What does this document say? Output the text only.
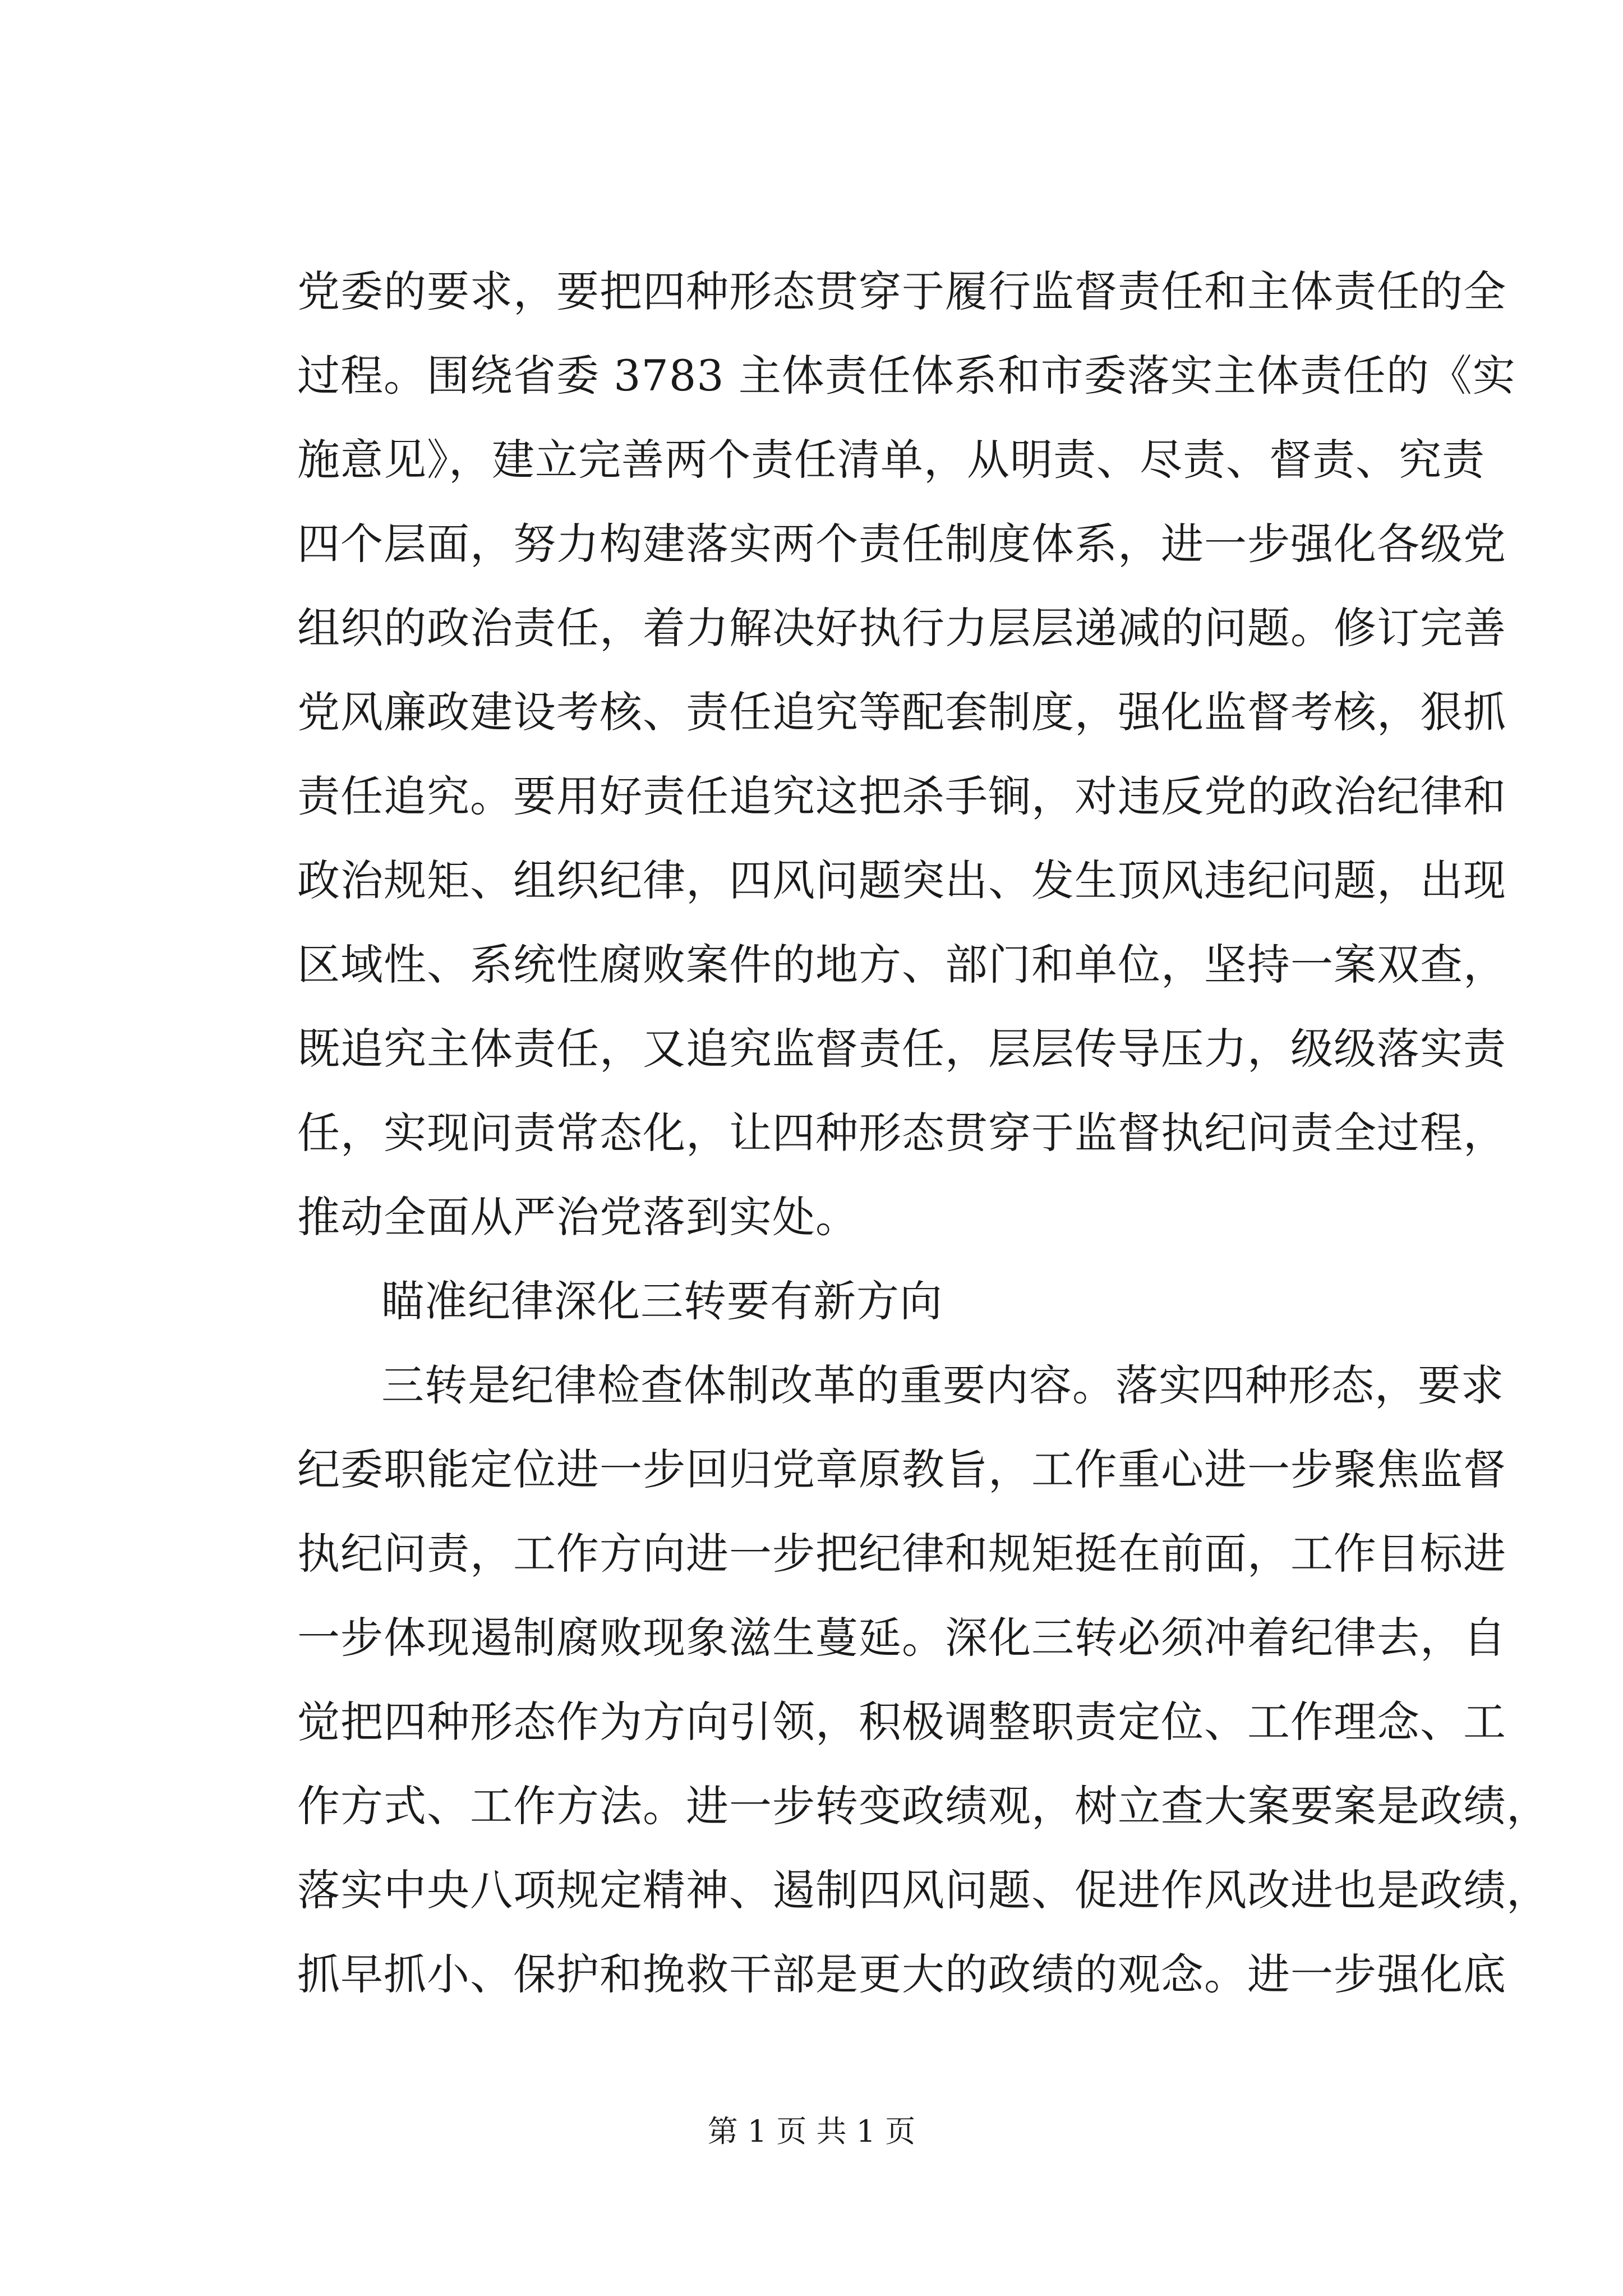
党委的要求，要把四种形态贯穿于履行监督责任和主体责任的全
过程。围绕省委 3783 主体责任体系和市委落实主体责任的《实
施意见》，建立完善两个责任清单，从明责、尽责、督责、究责
四个层面，努力构建落实两个责任制度体系，进一步强化各级党
组织的政治责任，着力解决好执行力层层递减的问题。修订完善
党风廉政建设考核、责任追究等配套制度，强化监督考核，狠抓
责任追究。要用好责任追究这把杀手锏，对违反党的政治纪律和
政治规矩、组织纪律，四风问题突出、发生顶风违纪问题，出现
区域性、系统性腐败案件的地方、部门和单位，坚持一案双查，
既追究主体责任，又追究监督责任，层层传导压力，级级落实责
任，实现问责常态化，让四种形态贯穿于监督执纪问责全过程，
推动全面从严治党落到实处。
瞄准纪律深化三转要有新方向
三转是纪律检查体制改革的重要内容。落实四种形态，要求
纪委职能定位进一步回归党章原教旨，工作重心进一步聚焦监督
执纪问责，工作方向进一步把纪律和规矩挺在前面，工作目标进
一步体现遏制腐败现象滋生蔓延。深化三转必须冲着纪律去，自
觉把四种形态作为方向引领，积极调整职责定位、工作理念、工
作方式、工作方法。进一步转变政绩观，树立查大案要案是政绩，
落实中央八项规定精神、遏制四风问题、促进作风改进也是政绩，
抓早抓小、保护和挽救干部是更大的政绩的观念。进一步强化底
第 1 页 共 1 页
